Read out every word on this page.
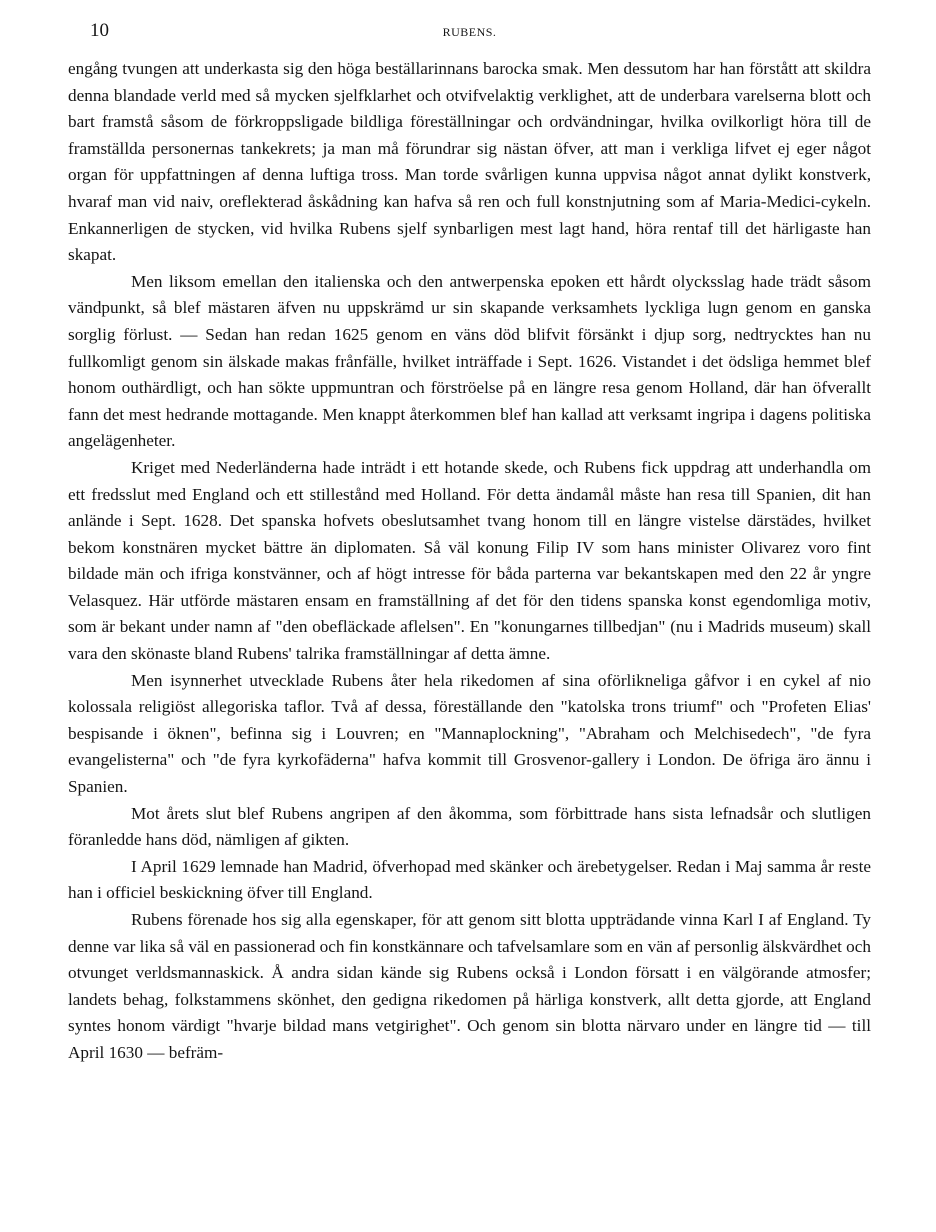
10	RUBENS.

engång tvungen att underkasta sig den höga beställarinnans barocka smak. Men dessutom har han förstått att skildra denna blandade verld med så mycken sjelfklarhet och otvifvelaktig verklighet, att de underbara varelserna blott och bart framstå såsom de förkroppsligade bildliga föreställningar och ordvändningar, hvilka ovilkorligt höra till de framställda personernas tankekrets; ja man må förundrar sig nästan öfver, att man i verkliga lifvet ej eger något organ för uppfattningen af denna luftiga tross. Man torde svårligen kunna uppvisa något annat dylikt konstverk, hvaraf man vid naiv, oreflekterad åskådning kan hafva så ren och full konstnjutning som af Maria-Medici-cykeln. Enkannerligen de stycken, vid hvilka Rubens sjelf synbarligen mest lagt hand, höra rentaf till det härligaste han skapat.

Men liksom emellan den italienska och den antwerpenska epoken ett hårdt olycksslag hade trädt såsom vändpunkt, så blef mästaren äfven nu uppskrämd ur sin skapande verksamhets lyckliga lugn genom en ganska sorglig förlust. — Sedan han redan 1625 genom en väns död blifvit försänkt i djup sorg, nedtrycktes han nu fullkomligt genom sin älskade makas frånfälle, hvilket inträffade i Sept. 1626. Vistandet i det ödsliga hemmet blef honom outhärdligt, och han sökte uppmuntran och förströelse på en längre resa genom Holland, där han öfverallt fann det mest hedrande mottagande. Men knappt återkommen blef han kallad att verksamt ingripa i dagens politiska angelägenheter.

Kriget med Nederländerna hade inträdt i ett hotande skede, och Rubens fick uppdrag att underhandla om ett fredsslut med England och ett stillestånd med Holland. För detta ändamål måste han resa till Spanien, dit han anlände i Sept. 1628. Det spanska hofvets obeslutsamhet tvang honom till en längre vistelse därstädes, hvilket bekom konstnären mycket bättre än diplomaten. Så väl konung Filip IV som hans minister Olivarez voro fint bildade män och ifriga konstvänner, och af högt intresse för båda parterna var bekantskapen med den 22 år yngre Velasquez. Här utförde mästaren ensam en framställning af det för den tidens spanska konst egendomliga motiv, som är bekant under namn af "den obefläckade aflelsen". En "konungarnes tillbedjan" (nu i Madrids museum) skall vara den skönaste bland Rubens' talrika framställningar af detta ämne.

Men isynnerhet utvecklade Rubens åter hela rikedomen af sina oförlikneliga gåfvor i en cykel af nio kolossala religiöst allegoriska taflor. Två af dessa, föreställande den "katolska trons triumf" och "Profeten Elias' bespisande i öknen", befinna sig i Louvren; en "Mannaplockning", "Abraham och Melchisedech", "de fyra evangelisterna" och "de fyra kyrkofäderna" hafva kommit till Grosvenor-gallery i London. De öfriga äro ännu i Spanien.

Mot årets slut blef Rubens angripen af den åkomma, som förbittrade hans sista lefnadsår och slutligen föranledde hans död, nämligen af gikten.

I April 1629 lemnade han Madrid, öfverhopad med skänker och ärebetygelser. Redan i Maj samma år reste han i officiel beskickning öfver till England.

Rubens förenade hos sig alla egenskaper, för att genom sitt blotta uppträdande vinna Karl I af England. Ty denne var lika så väl en passionerad och fin konstkännare och tafvelsamlare som en vän af personlig älskvärdhet och otvunget verldsmannaskick. Å andra sidan kände sig Rubens också i London försatt i en välgörande atmosfer; landets behag, folkstammens skönhet, den gedigna rikedomen på härliga konstverk, allt detta gjorde, att England syntes honom värdigt "hvarje bildad mans vetgirighet". Och genom sin blotta närvaro under en längre tid — till April 1630 — befräm-
